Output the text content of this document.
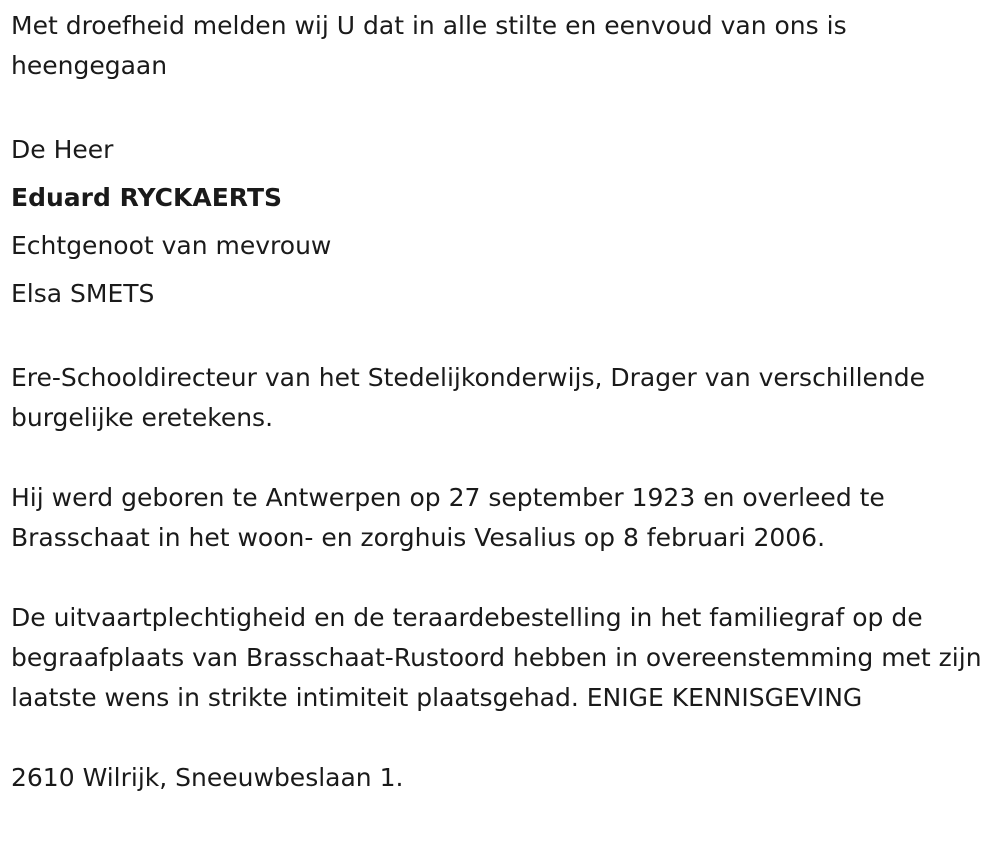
Met droefheid melden wij U dat in alle stilte en eenvoud van ons is heengegaan

De Heer
Eduard RYCKAERTS
Echtgenoot van mevrouw
Elsa SMETS

Ere-Schooldirecteur van het Stedelijkonderwijs, Drager van verschillende burgelijke eretekens.

Hij werd geboren te Antwerpen op 27 september 1923 en overleed te Brasschaat in het woon- en zorghuis Vesalius op 8 februari 2006.

De uitvaartplechtigheid en de teraardebestelling in het familiegraf op de begraafplaats van Brasschaat-Rustoord hebben in overeenstemming met zijn laatste wens in strikte intimiteit plaatsgehad. ENIGE KENNISGEVING

2610 Wilrijk, Sneeuwbeslaan 1.
